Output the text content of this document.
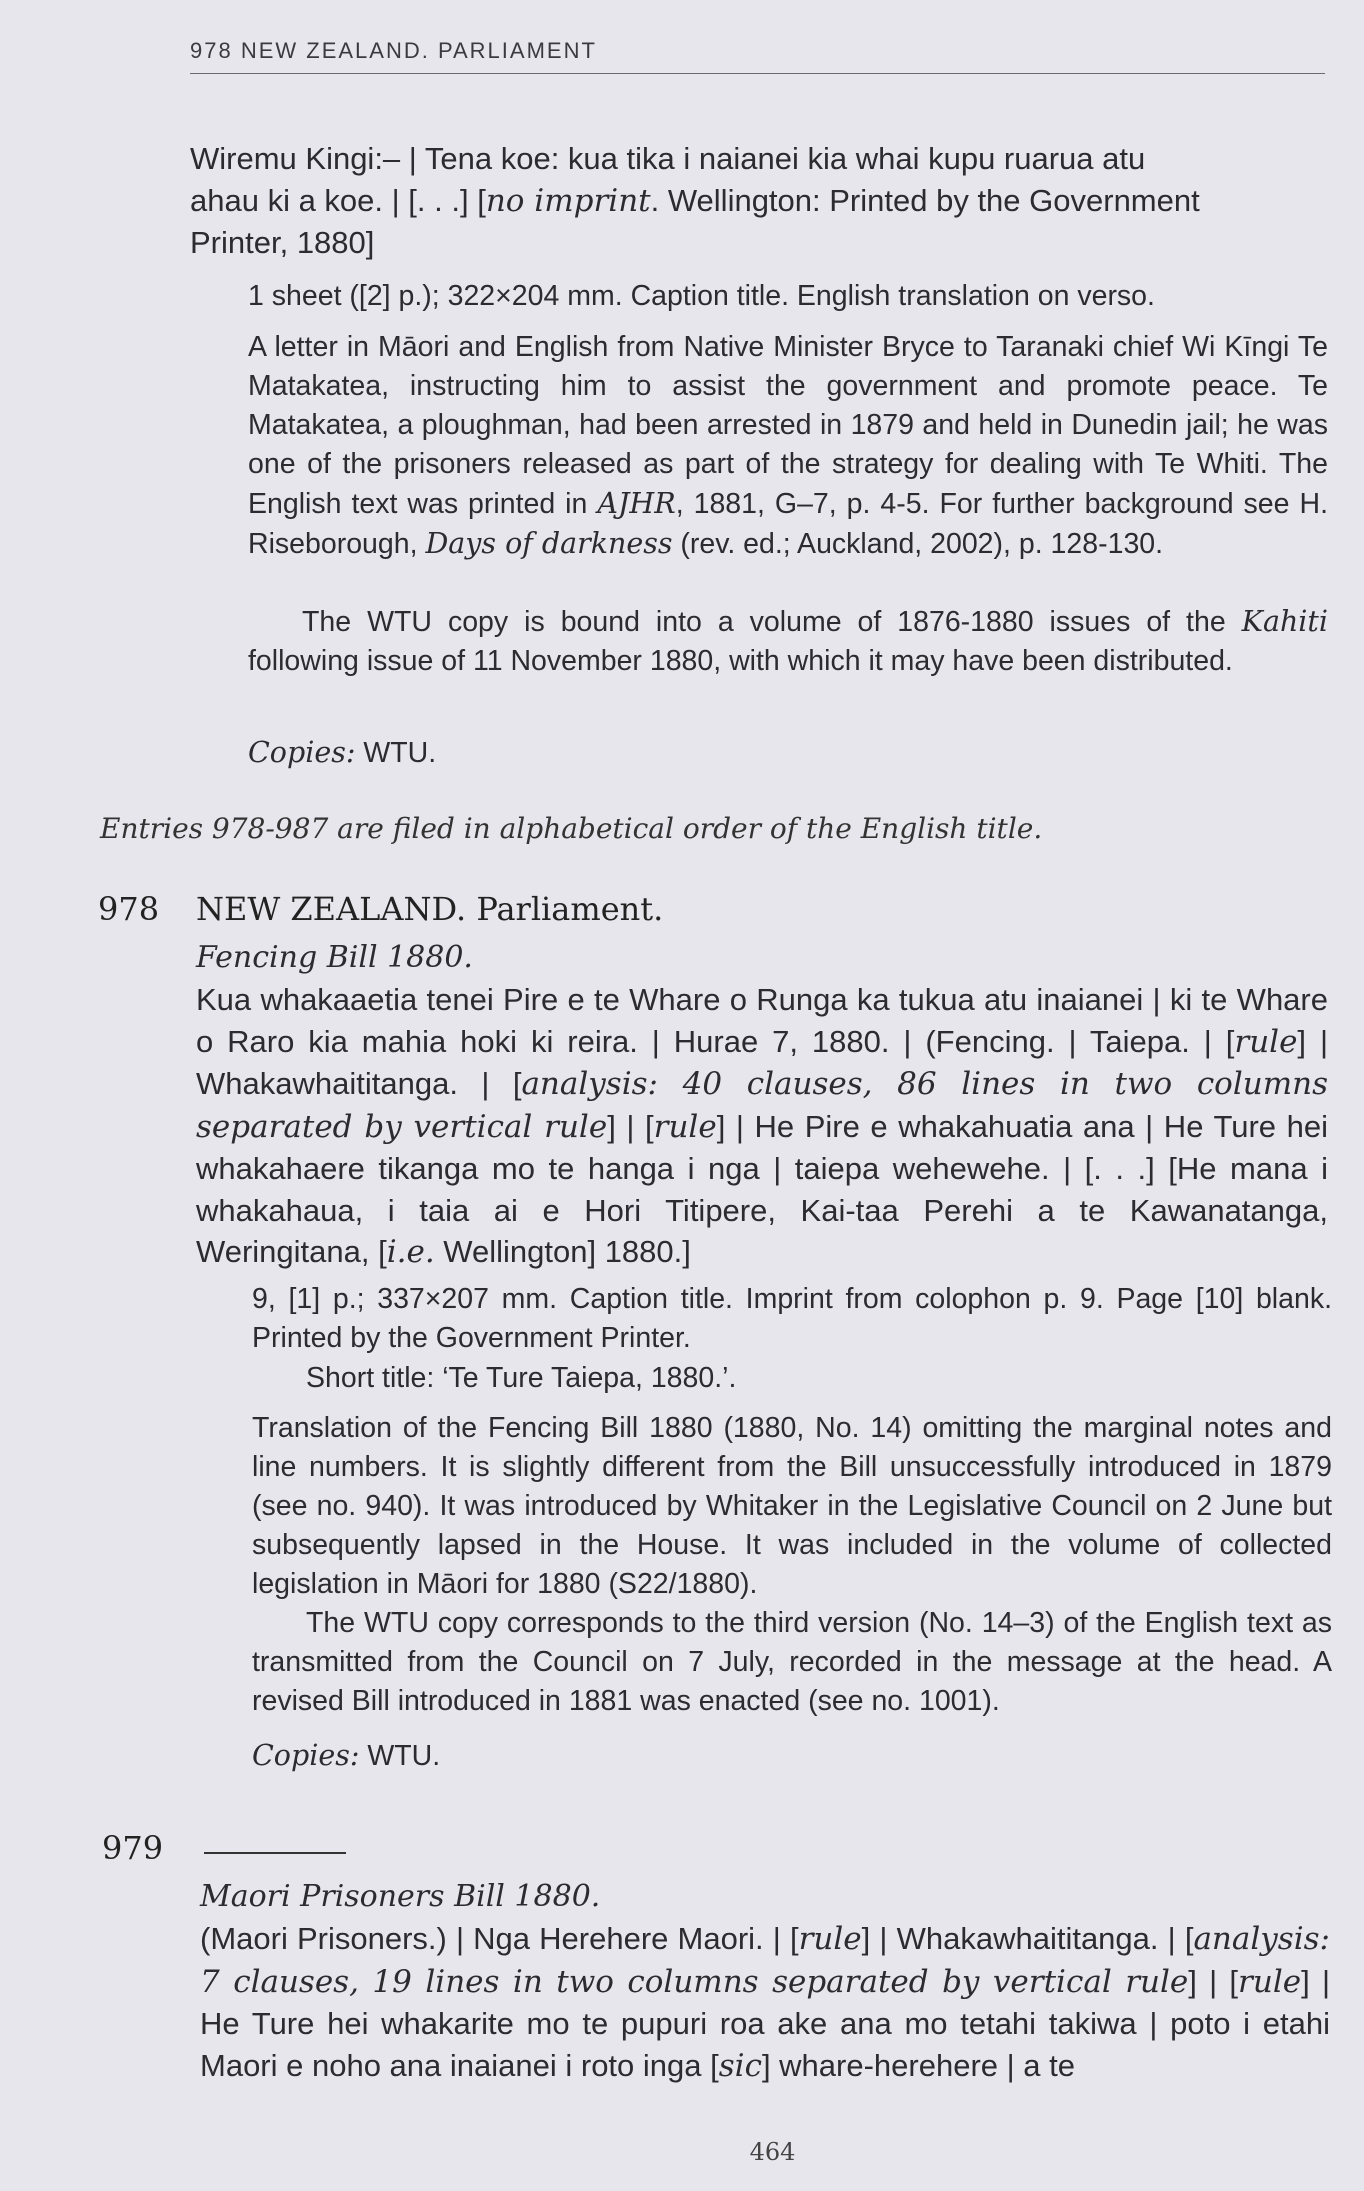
978 NEW ZEALAND. PARLIAMENT
Wiremu Kingi:– | Tena koe: kua tika i naianei kia whai kupu ruarua atu
ahau ki a koe. | [. . .] [no imprint. Wellington: Printed by the Government
Printer, 1880]
1 sheet ([2] p.); 322×204 mm. Caption title. English translation on verso.
A letter in Māori and English from Native Minister Bryce to Taranaki chief Wi Kīngi Te Matakatea, instructing him to assist the government and promote peace. Te Matakatea, a ploughman, had been arrested in 1879 and held in Dunedin jail; he was one of the prisoners released as part of the strategy for dealing with Te Whiti. The English text was printed in AJHR, 1881, G–7, p. 4-5. For further background see H. Riseborough, Days of darkness (rev. ed.; Auckland, 2002), p. 128-130.
The WTU copy is bound into a volume of 1876-1880 issues of the Kahiti following issue of 11 November 1880, with which it may have been distributed.
Copies: WTU.
Entries 978-987 are filed in alphabetical order of the English title.
978 NEW ZEALAND. Parliament.
Fencing Bill 1880.
Kua whakaaetia tenei Pire e te Whare o Runga ka tukua atu inaianei | ki te Whare o Raro kia mahia hoki ki reira. | Hurae 7, 1880. | (Fencing. | Taiepa. | [rule] | Whakawhaititanga. | [analysis: 40 clauses, 86 lines in two columns separated by vertical rule] | [rule] | He Pire e whakahuatia ana | He Ture hei whakahaere tikanga mo te hanga i nga | taiepa wehewehe. | [. . .] [He mana i whakahaua, i taia ai e Hori Titipere, Kai-taa Perehi a te Kawanatanga, Weringitana, [i.e. Wellington] 1880.]
9, [1] p.; 337×207 mm. Caption title. Imprint from colophon p. 9. Page [10] blank. Printed by the Government Printer.
Short title: ‘Te Ture Taiepa, 1880.’.
Translation of the Fencing Bill 1880 (1880, No. 14) omitting the marginal notes and line numbers. It is slightly different from the Bill unsuccessfully introduced in 1879 (see no. 940). It was introduced by Whitaker in the Legislative Council on 2 June but subsequently lapsed in the House. It was included in the volume of collected legislation in Māori for 1880 (S22/1880).
The WTU copy corresponds to the third version (No. 14–3) of the English text as transmitted from the Council on 7 July, recorded in the message at the head. A revised Bill introduced in 1881 was enacted (see no. 1001).
Copies: WTU.
979
Maori Prisoners Bill 1880.
(Maori Prisoners.) | Nga Herehere Maori. | [rule] | Whakawhaititanga. | [analysis: 7 clauses, 19 lines in two columns separated by vertical rule] | [rule] | He Ture hei whakarite mo te pupuri roa ake ana mo tetahi takiwa | poto i etahi Maori e noho ana inaianei i roto inga [sic] whare-herehere | a te
464
